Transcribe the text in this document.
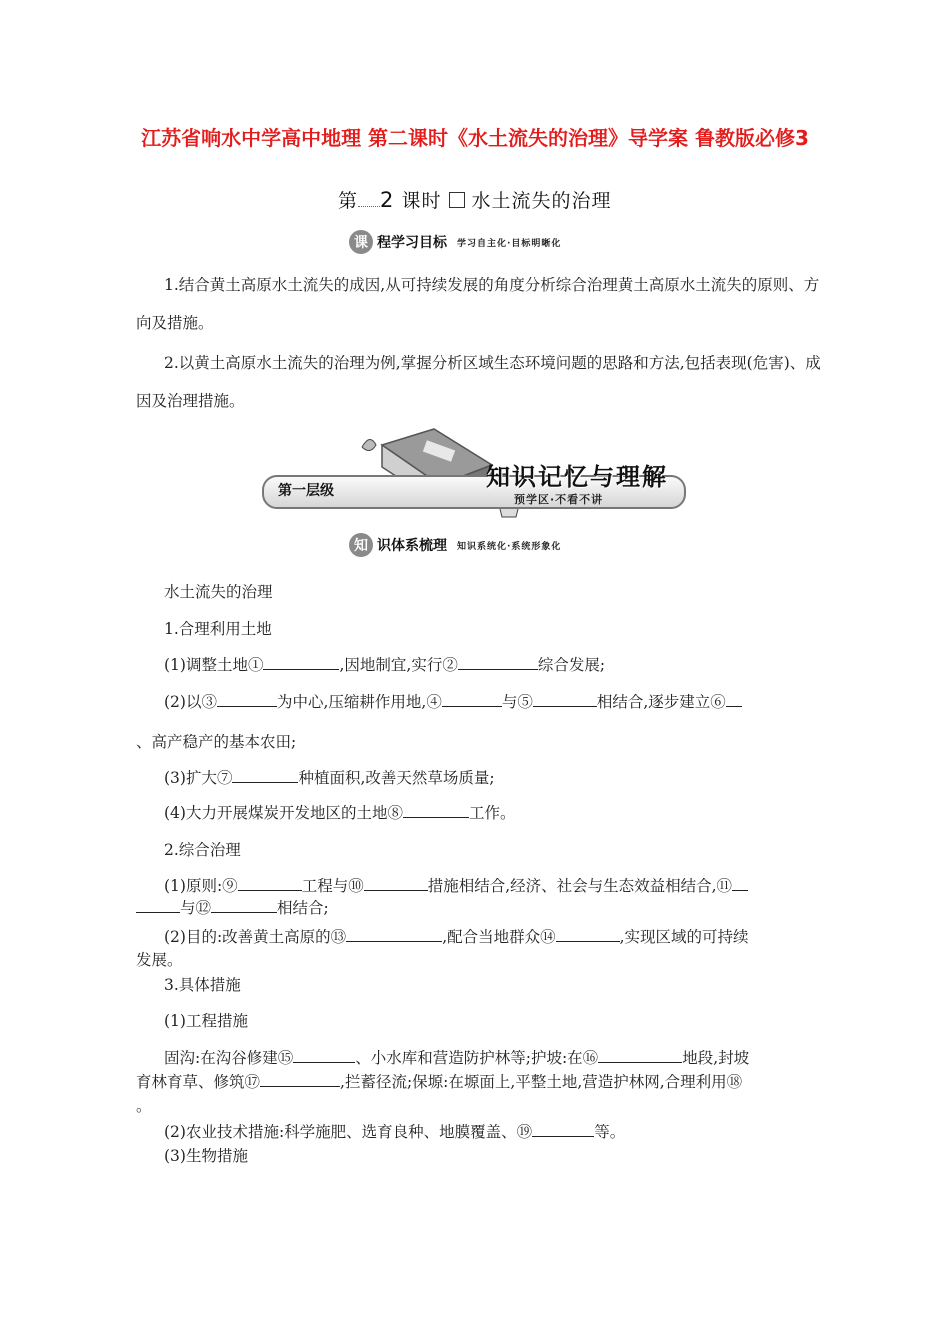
江苏省响水中学高中地理 第二课时《水土流失的治理》导学案 鲁教版必修3
第 2 课时 水土流失的治理
课 程学习目标 学习自主化·目标明晰化
1.结合黄土高原水土流失的成因,从可持续发展的角度分析综合治理黄土高原水土流失的原则、方向及措施。
2.以黄土高原水土流失的治理为例,掌握分析区域生态环境问题的思路和方法,包括表现(危害)、成因及治理措施。
第一层级	知识记忆与理解
预学区·不看不讲
知 识体系梳理 知识系统化·系统形象化
水土流失的治理
1.合理利用土地
(1)调整土地①	,因地制宜,实行②	综合发展;
(2)以③	为中心,压缩耕作用地,④	与⑤	相结合,逐步建立⑥
、高产稳产的基本农田;
(3)扩大⑦	种植面积,改善天然草场质量;
(4)大力开展煤炭开发地区的土地⑧	工作。
2.综合治理
(1)原则:⑨	工程与⑩	措施相结合,经济、社会与生态效益相结合,⑪
与⑫	相结合;
(2)目的:改善黄土高原的⑬	,配合当地群众⑭	,实现区域的可持续
发展。
3.具体措施
(1)工程措施
固沟:在沟谷修建⑮	、小水库和营造防护林等;护坡:在⑯	地段,封坡
育林育草、修筑⑰	,拦蓄径流;保塬:在塬面上,平整土地,营造护林网,合理利用⑱
。
(2)农业技术措施:科学施肥、选育良种、地膜覆盖、⑲	等。
(3)生物措施
